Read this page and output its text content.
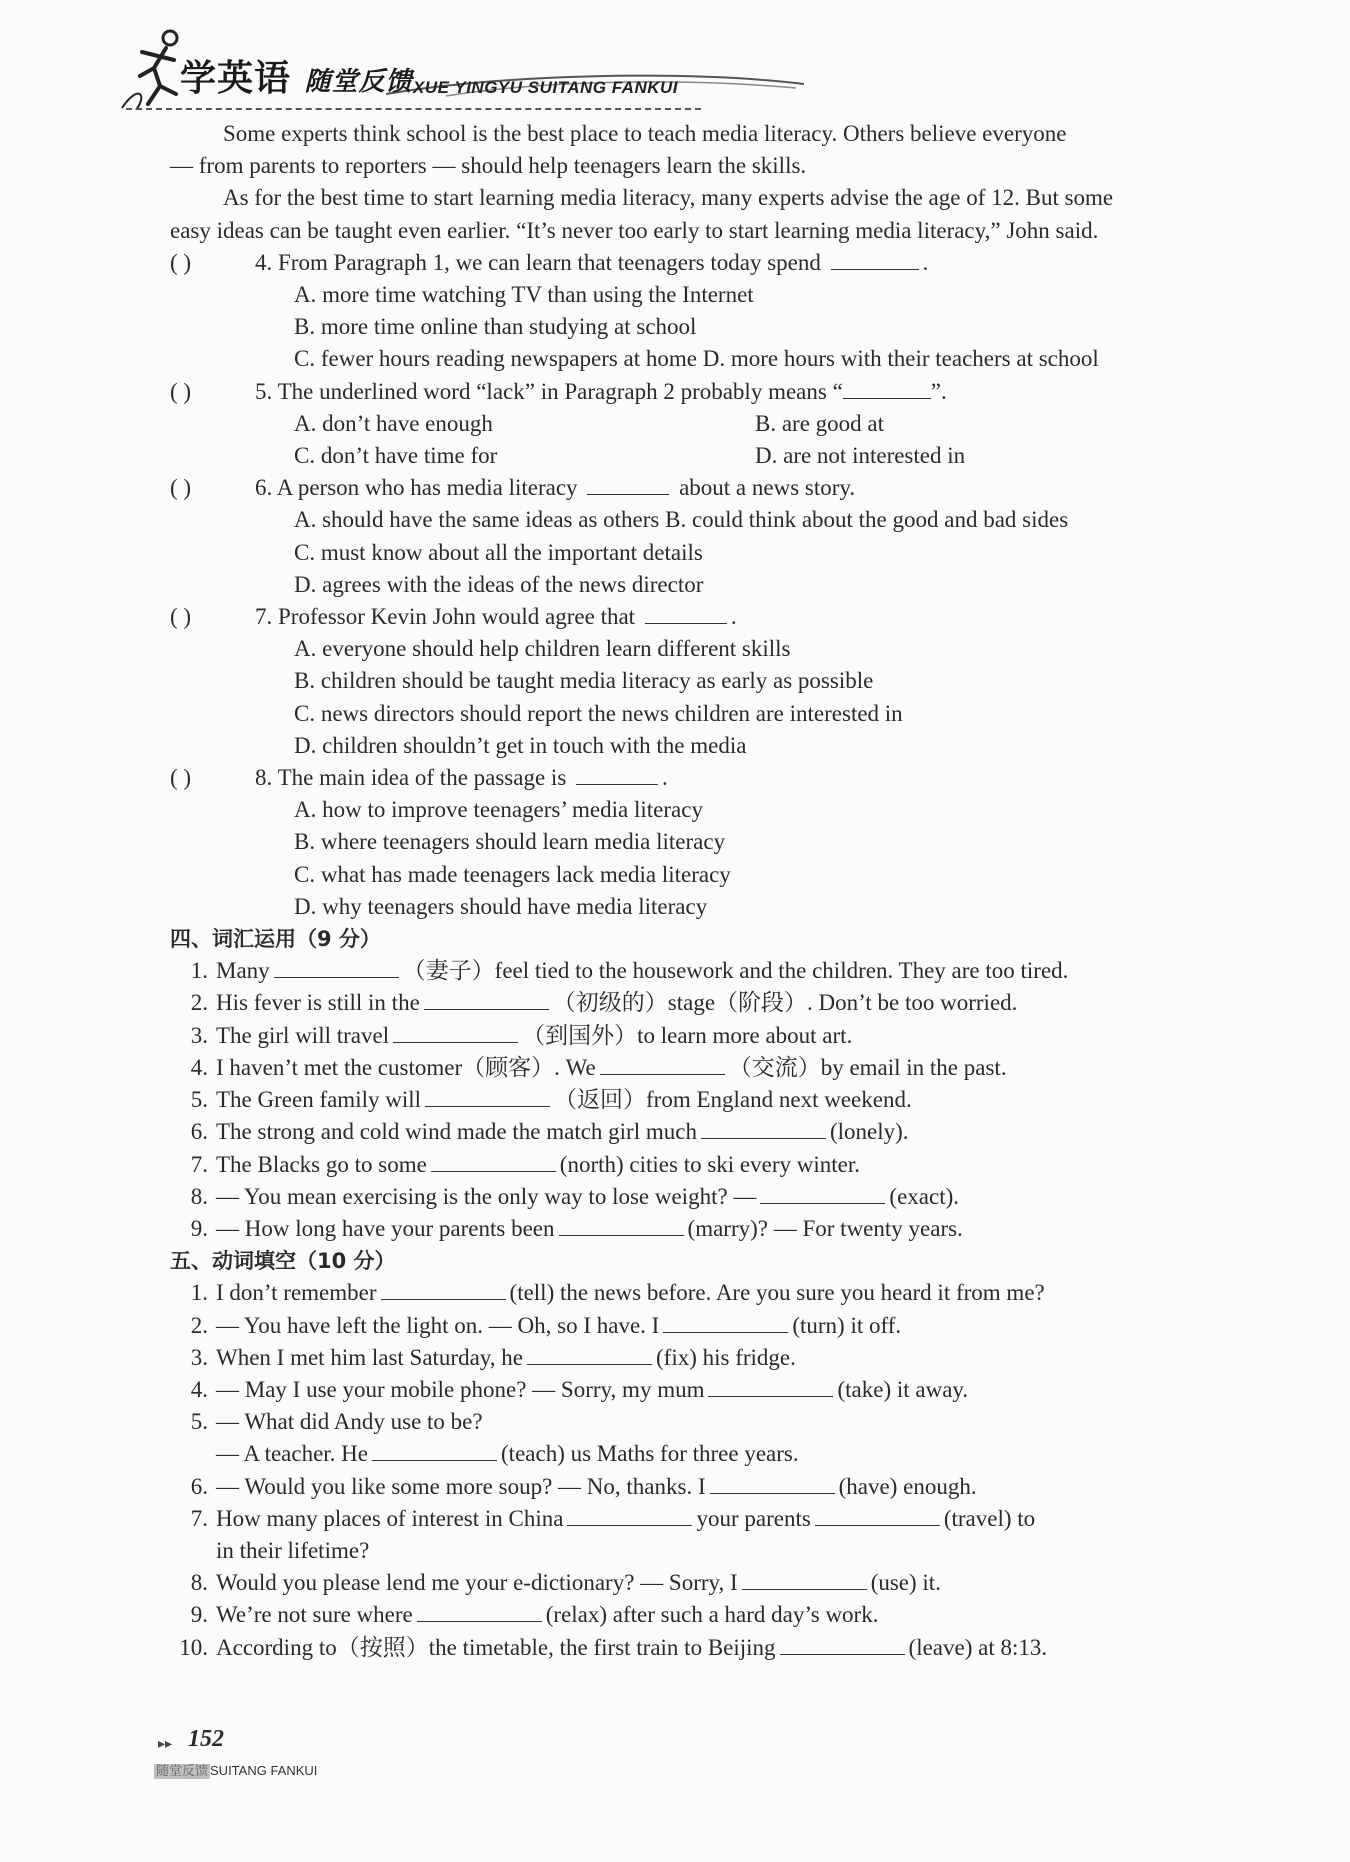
学英语 随堂反馈 XUE YINGYU SUITANG FANKUI
Some experts think school is the best place to teach media literacy. Others believe everyone
— from parents to reporters — should help teenagers learn the skills.
As for the best time to start learning media literacy, many experts advise the age of 12. But some
easy ideas can be taught even earlier. “It’s never too early to start learning media literacy,” John said.
( )	4. From Paragraph 1, we can learn that teenagers today spend	.
A. more time watching TV than using the Internet
B. more time online than studying at school
C. fewer hours reading newspapers at home D. more hours with their teachers at school
( )	5. The underlined word “lack” in Paragraph 2 probably means “	”.
A. don’t have enough	B. are good at
C. don’t have time for	D. are not interested in
( )	6. A person who has media literacy	about a news story.
A. should have the same ideas as others B. could think about the good and bad sides
C. must know about all the important details
D. agrees with the ideas of the news director
( )	7. Professor Kevin John would agree that	.
A. everyone should help children learn different skills
B. children should be taught media literacy as early as possible
C. news directors should report the news children are interested in
D. children shouldn’t get in touch with the media
( )	8. The main idea of the passage is	.
A. how to improve teenagers’ media literacy
B. where teenagers should learn media literacy
C. what has made teenagers lack media literacy
D. why teenagers should have media literacy
四、词汇运用（9 分）
1. Many	（妻子）feel tied to the housework and the children. They are too tired.
2. His fever is still in the	（初级的）stage（阶段）. Don’t be too worried.
3. The girl will travel	（到国外）to learn more about art.
4. I haven’t met the customer（顾客）. We	（交流）by email in the past.
5. The Green family will	（返回）from England next weekend.
6. The strong and cold wind made the match girl much	(lonely).
7. The Blacks go to some	(north) cities to ski every winter.
8. — You mean exercising is the only way to lose weight? —	(exact).
9. — How long have your parents been	(marry)? — For twenty years.
五、动词填空（10 分）
1. I don’t remember	(tell) the news before. Are you sure you heard it from me?
2. — You have left the light on. — Oh, so I have. I	(turn) it off.
3. When I met him last Saturday, he	(fix) his fridge.
4. — May I use your mobile phone? — Sorry, my mum	(take) it away.
5. — What did Andy use to be?
— A teacher. He	(teach) us Maths for three years.
6. — Would you like some more soup? — No, thanks. I	(have) enough.
7. How many places of interest in China	your parents	(travel) to
in their lifetime?
8. Would you please lend me your e-dictionary? — Sorry, I	(use) it.
9. We’re not sure where	(relax) after such a hard day’s work.
10. According to（按照）the timetable, the first train to Beijing	(leave) at 8:13.
▸▸ 152
随堂反馈 SUITANG FANKUI
